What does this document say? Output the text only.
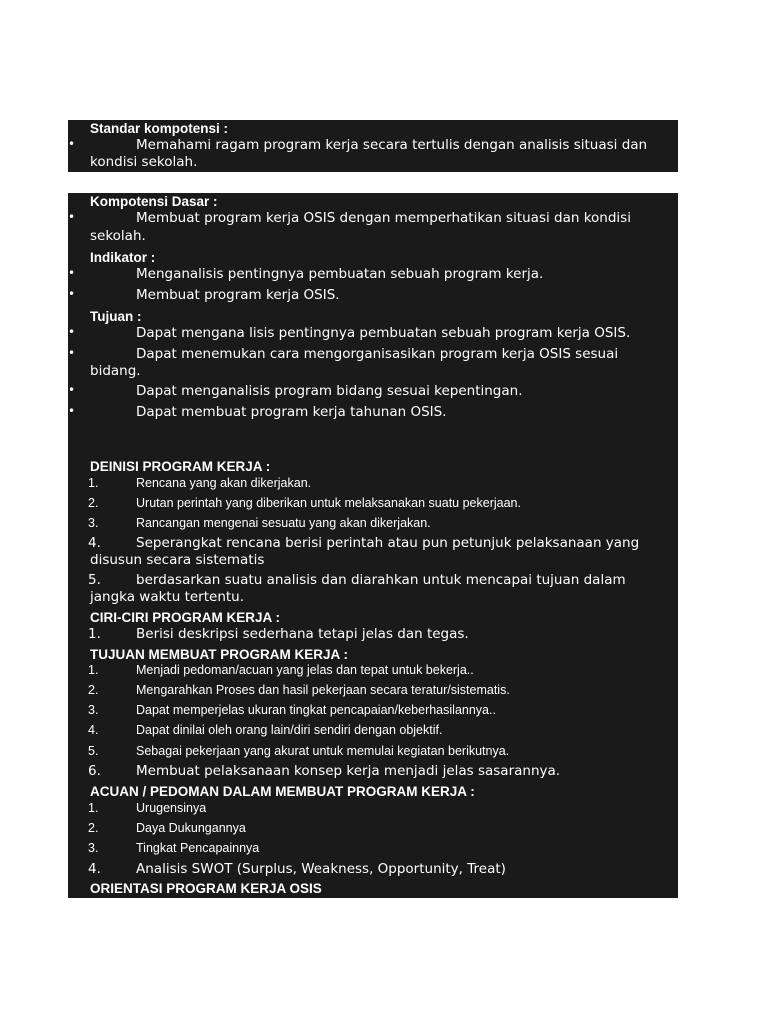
Standar kompotensi :
•	Memahami ragam program kerja secara tertulis dengan analisis situasi dan
kondisi sekolah.
Kompotensi Dasar :
•	Membuat program kerja OSIS dengan memperhatikan situasi dan kondisi
sekolah.
Indikator :
•	Menganalisis pentingnya pembuatan sebuah program kerja.
•	Membuat program kerja OSIS.
Tujuan :
•	Dapat mengana lisis pentingnya pembuatan sebuah program kerja OSIS.
•	Dapat menemukan cara mengorganisasikan program kerja OSIS sesuai
bidang.
•	Dapat menganalisis program bidang sesuai kepentingan.
•	Dapat membuat program kerja tahunan OSIS.
DEINISI PROGRAM KERJA :
1.	Rencana yang akan dikerjakan.
2.	Urutan perintah yang diberikan untuk melaksanakan suatu pekerjaan.
3.	Rancangan mengenai sesuatu yang akan dikerjakan.
4.	Seperangkat rencana berisi perintah atau pun petunjuk pelaksanaan yang
disusun secara sistematis
5.	berdasarkan suatu analisis dan diarahkan untuk mencapai tujuan dalam
jangka waktu tertentu.
CIRI-CIRI PROGRAM KERJA :
1.	Berisi deskripsi sederhana tetapi jelas dan tegas.
TUJUAN MEMBUAT PROGRAM KERJA :
1.	Menjadi pedoman/acuan yang jelas dan tepat untuk bekerja..
2.	Mengarahkan Proses dan hasil pekerjaan secara teratur/sistematis.
3.	Dapat memperjelas ukuran tingkat pencapaian/keberhasilannya..
4.	Dapat dinilai oleh orang lain/diri sendiri dengan objektif.
5.	Sebagai pekerjaan yang akurat untuk memulai kegiatan berikutnya.
6.	Membuat pelaksanaan konsep kerja menjadi jelas sasarannya.
ACUAN / PEDOMAN DALAM MEMBUAT PROGRAM KERJA :
1.	Urugensinya
2.	Daya Dukungannya
3.	Tingkat Pencapainnya
4.	Analisis SWOT (Surplus, Weakness, Opportunity, Treat)
ORIENTASI PROGRAM KERJA OSIS
